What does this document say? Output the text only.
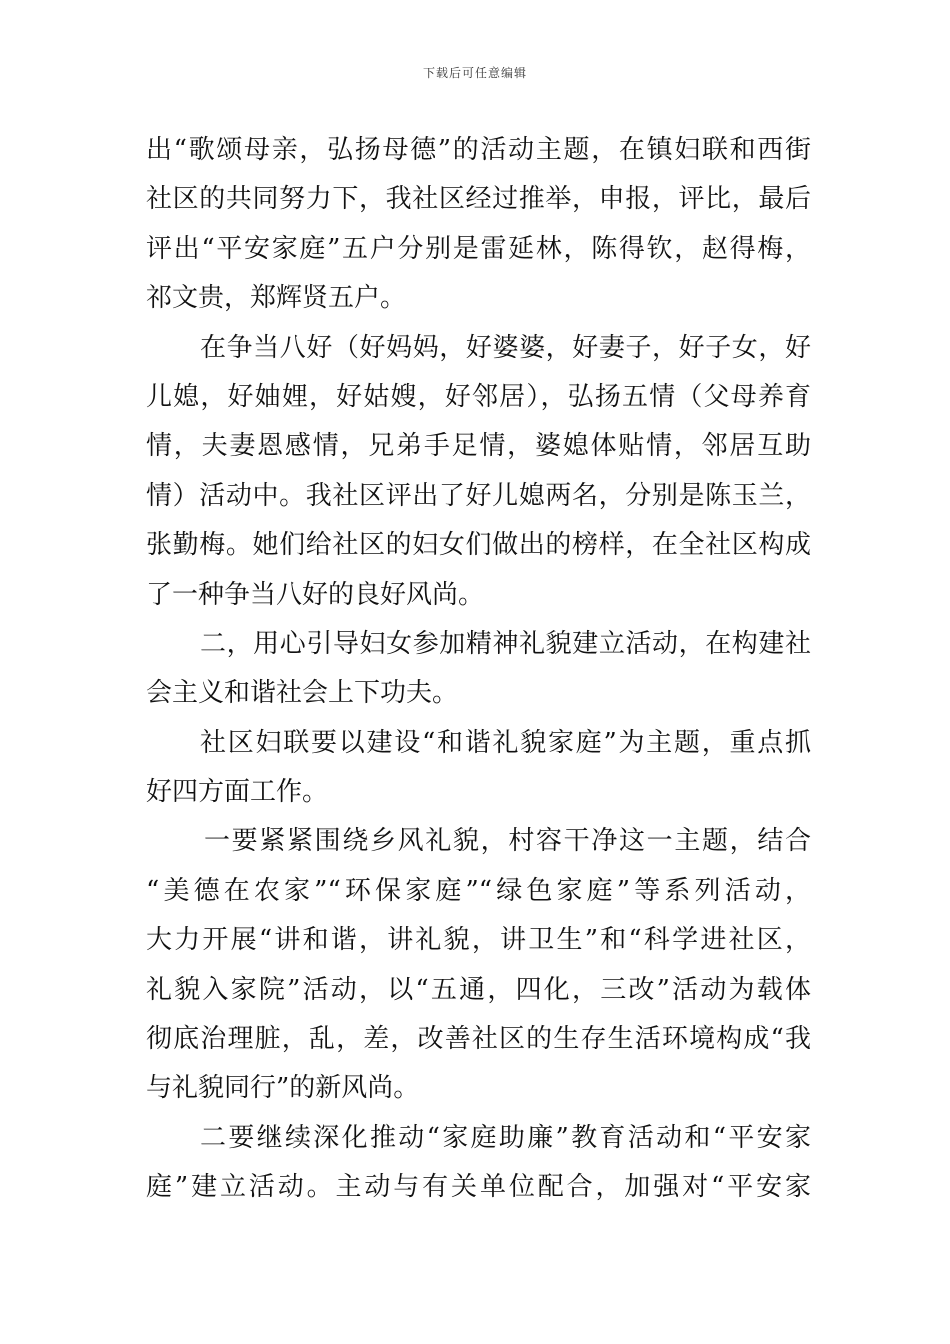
下载后可任意编辑
出“歌颂母亲，弘扬母德”的活动主题，在镇妇联和西街
社区的共同努力下，我社区经过推举，申报，评比，最后
评出“平安家庭”五户分别是雷延林，陈得钦，赵得梅，
祁文贵，郑辉贤五户。
在争当八好（好妈妈，好婆婆，好妻子，好子女，好
儿媳，好妯娌，好姑嫂，好邻居），弘扬五情（父母养育
情，夫妻恩感情，兄弟手足情，婆媳体贴情，邻居互助
情）活动中。我社区评出了好儿媳两名，分别是陈玉兰，
张勤梅。她们给社区的妇女们做出的榜样，在全社区构成
了一种争当八好的良好风尚。
二，用心引导妇女参加精神礼貌建立活动，在构建社
会主义和谐社会上下功夫。
社区妇联要以建设“和谐礼貌家庭”为主题，重点抓
好四方面工作。
一要紧紧围绕乡风礼貌，村容干净这一主题，结合
“美德在农家”“环保家庭”“绿色家庭”等系列活动，
大力开展“讲和谐，讲礼貌，讲卫生”和“科学进社区，
礼貌入家院”活动，以“五通，四化，三改”活动为载体
彻底治理脏，乱，差，改善社区的生存生活环境构成“我
与礼貌同行”的新风尚。
二要继续深化推动“家庭助廉”教育活动和“平安家
庭”建立活动。主动与有关单位配合，加强对“平安家
